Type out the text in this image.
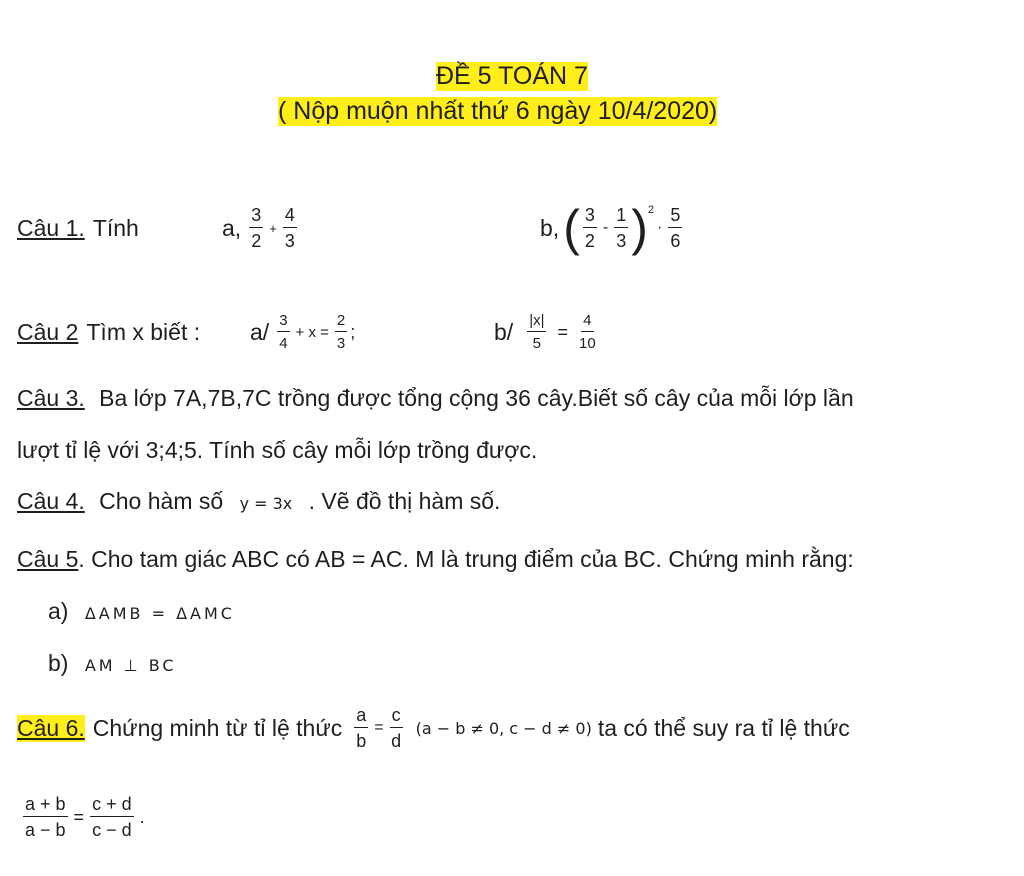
ĐỀ 5 TOÁN 7
( Nộp muộn nhất thứ 6 ngày 10/4/2020)
Câu 1. Tính	a, $\frac{3}{2} + \frac{4}{3}$	b, ( $\frac{3}{2} - \frac{1}{3}$ ) 2
· $\frac{5}{6}$
Câu 2 Tìm x biết : $a/ \frac{3}{4} + x = \frac{2}{3}$ ;	$b/ \frac{|x|}{5} = \frac{4}{10}$
Câu 3. Ba lớp 7A,7B,7C trồng được tổng cộng 36 cây.Biết số cây của mỗi lớp lần
lượt tỉ lệ với 3;4;5. Tính số cây mỗi lớp trồng được.
Câu 4. Cho hàm số y = 3x . Vẽ đồ thị hàm số.
Câu 5. Cho tam giác ABC có AB = AC. M là trung điểm của BC. Chứng minh rằng:
a) ΔAMB = ΔAMC
b) AM ⊥ BC
Câu 6. Chứng minh từ tỉ lệ thức $\frac{a}{b} = \frac{c}{d} (a - b \ne 0$, c − d ≠ 0) ta có thể suy ra tỉ lệ thức
$\frac{a + b}{a - b} = \frac{c + d}{c - d}$ .
